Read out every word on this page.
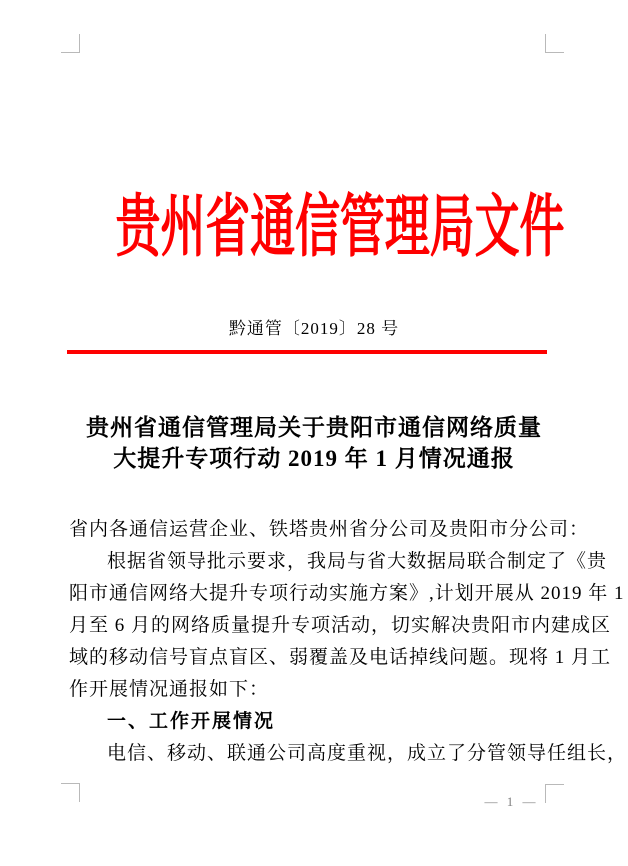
贵州省通信管理局文件
黔通管〔2019〕28 号
贵州省通信管理局关于贵阳市通信网络质量
大提升专项行动 2019 年 1 月情况通报
省内各通信运营企业、铁塔贵州省分公司及贵阳市分公司：
根据省领导批示要求，我局与省大数据局联合制定了《贵
阳市通信网络大提升专项行动实施方案》,计划开展从 2019 年 1
月至 6 月的网络质量提升专项活动，切实解决贵阳市内建成区
域的移动信号盲点盲区、弱覆盖及电话掉线问题。现将 1 月工
作开展情况通报如下：
一、工作开展情况
电信、移动、联通公司高度重视，成立了分管领导任组长，
— 1 —
